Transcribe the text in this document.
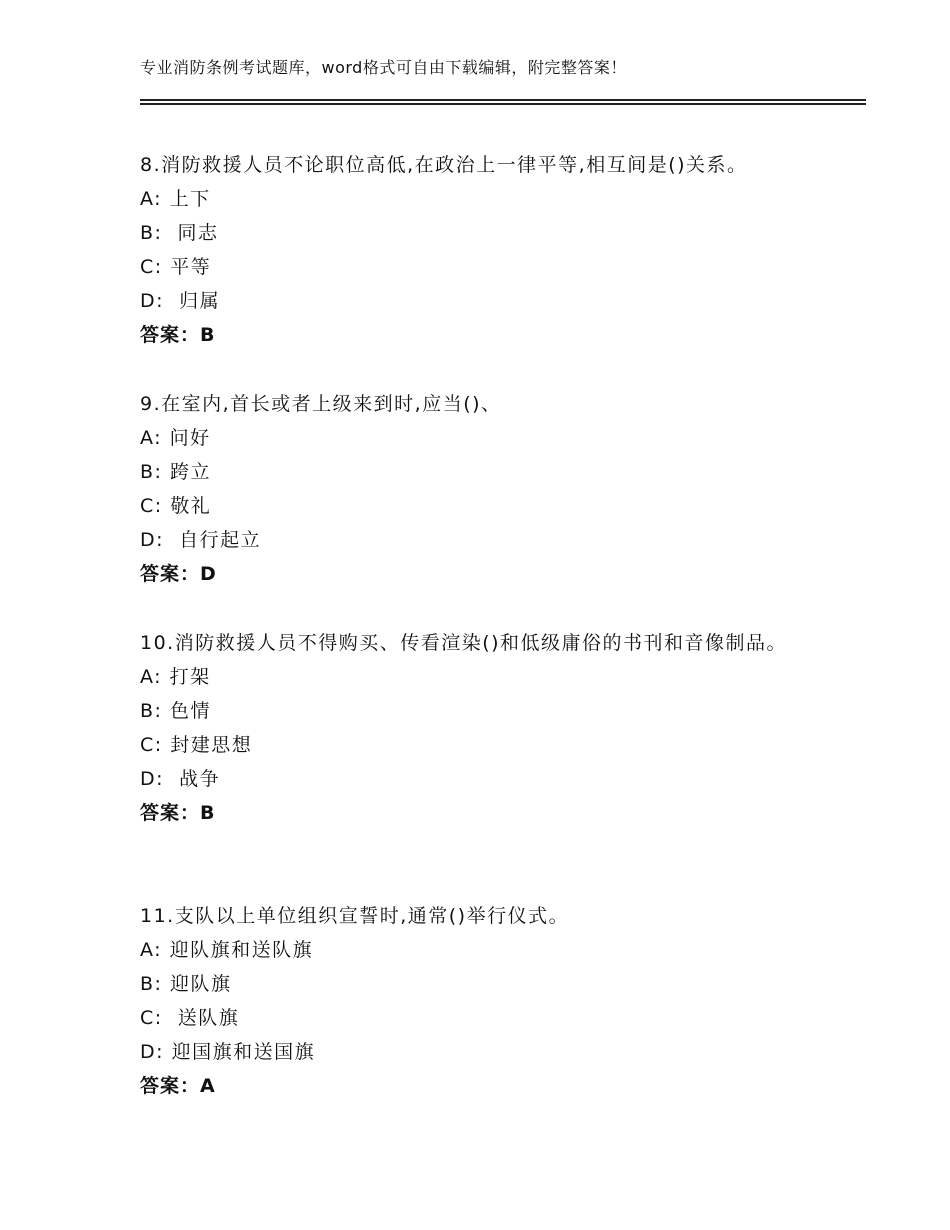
专业消防条例考试题库，word格式可自由下载编辑，附完整答案！
8.消防救援人员不论职位高低,在政治上一律平等,相互间是()关系。
A: 上下
B:  同志
C: 平等
D:  归属
答案：B
9.在室内,首长或者上级来到时,应当()、
A: 问好
B: 跨立
C: 敬礼
D:  自行起立
答案：D
10.消防救援人员不得购买、传看渲染()和低级庸俗的书刊和音像制品。
A: 打架
B: 色情
C: 封建思想
D:  战争
答案：B
11.支队以上单位组织宣誓时,通常()举行仪式。
A: 迎队旗和送队旗
B: 迎队旗
C:  送队旗
D: 迎国旗和送国旗
答案：A
